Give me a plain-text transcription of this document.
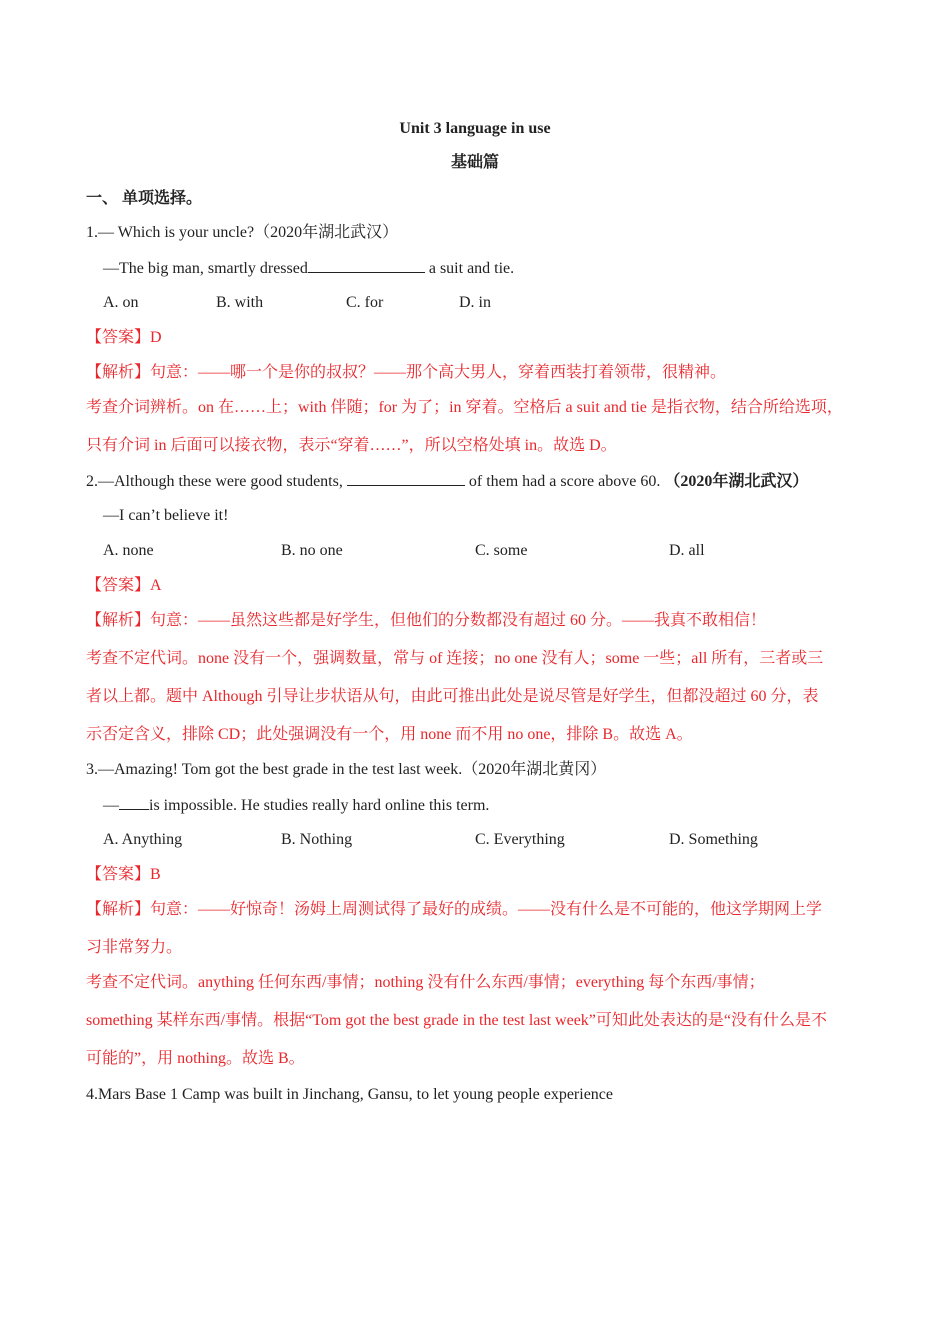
Unit 3 language in use
基础篇
一、 单项选择。
1.— Which is your uncle?（2020年湖北武汉）
—The big man, smartly dressed	a suit and tie.
A. on	B. with	C. for	D. in
【答案】D
【解析】句意：——哪一个是你的叔叔？——那个高大男人，穿着西装打着领带，很精神。
考查介词辨析。on 在……上；with 伴随；for 为了；in 穿着。空格后 a suit and tie 是指衣物，结合所给选项，
只有介词 in 后面可以接衣物，表示“穿着……”，所以空格处填 in。故选 D。
2.—Although these were good students,	of them had a score above 60. （2020年湖北武汉）
—I can’t believe it!
A. none	B. no one	C. some	D. all
【答案】A
【解析】句意：——虽然这些都是好学生，但他们的分数都没有超过 60 分。——我真不敢相信！
考查不定代词。none 没有一个，强调数量，常与 of 连接；no one 没有人；some 一些；all 所有，三者或三
者以上都。题中 Although 引导让步状语从句，由此可推出此处是说尽管是好学生，但都没超过 60 分，表
示否定含义，排除 CD；此处强调没有一个，用 none 而不用 no one，排除 B。故选 A。
3.—Amazing! Tom got the best grade in the test last week.（2020年湖北黄冈）
— is impossible. He studies really hard online this term.
A. Anything	B. Nothing	C. Everything	D. Something
【答案】B
【解析】句意：——好惊奇！汤姆上周测试得了最好的成绩。——没有什么是不可能的，他这学期网上学
习非常努力。
考查不定代词。anything 任何东西/事情；nothing 没有什么东西/事情；everything 每个东西/事情；
something 某样东西/事情。根据“Tom got the best grade in the test last week”可知此处表达的是“没有什么是不
可能的”，用 nothing。故选 B。
4.Mars Base 1 Camp was built in Jinchang, Gansu, to let young people experience
